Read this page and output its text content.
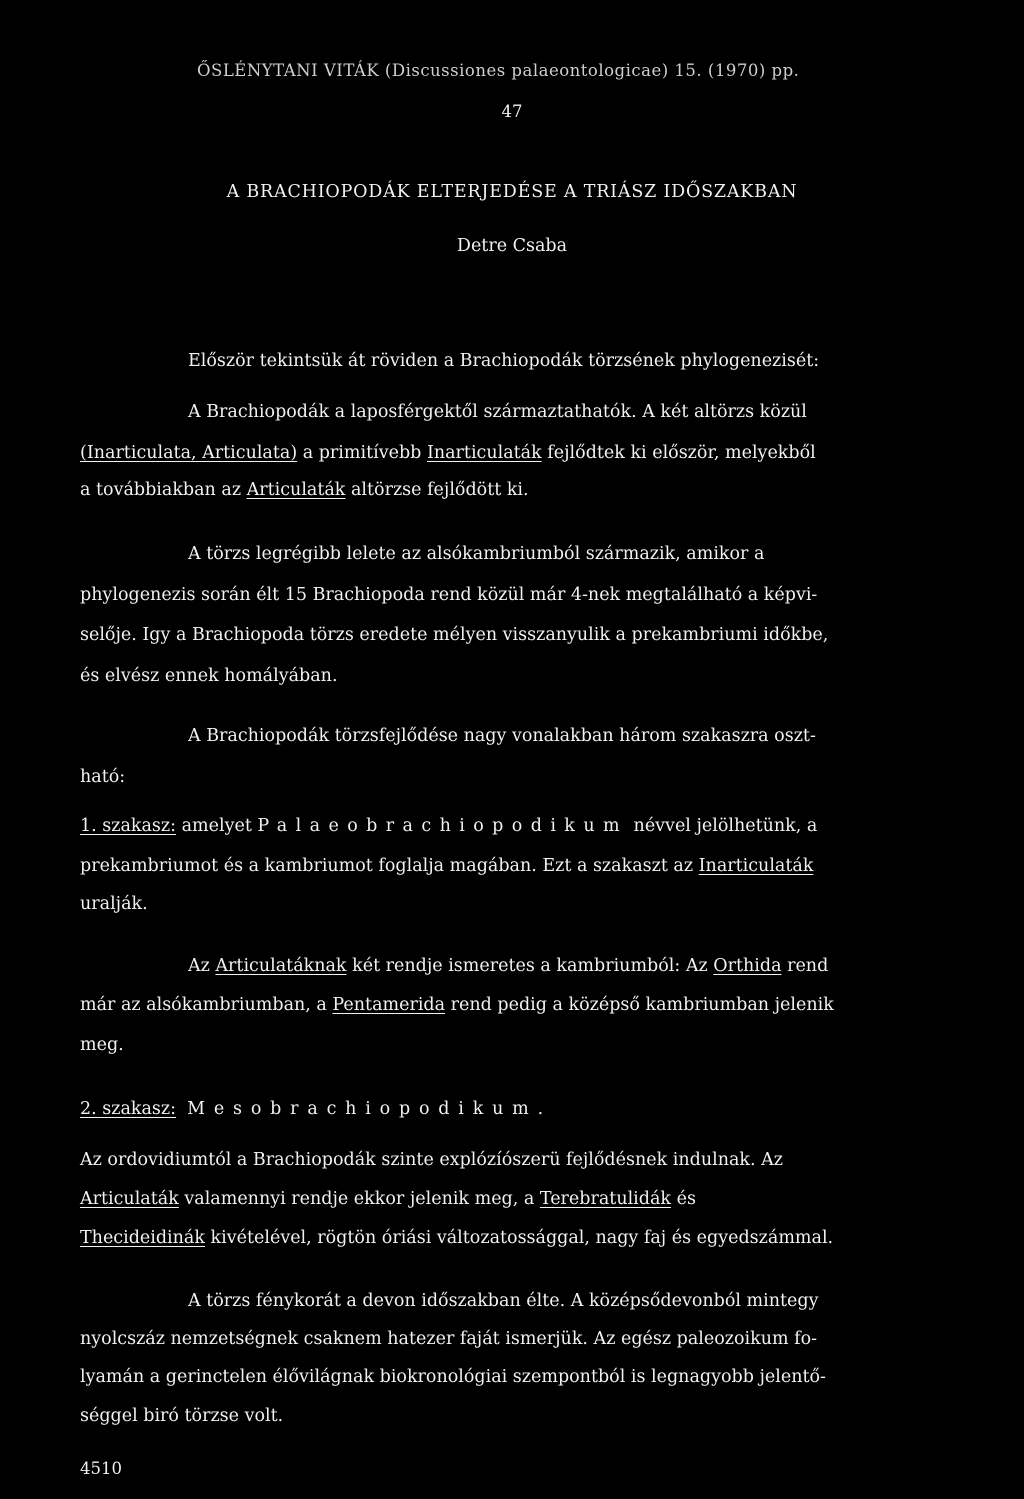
ŐSLÉNYTANI VITÁK (Discussiones palaeontologicae) 15. (1970) pp.

47

A BRACHIOPODÁK ELTERJEDÉSE A TRIÁSZ IDŐSZAKBAN

Detre Csaba

Először tekintsük át röviden a Brachiopodák törzsének phylogenezisét:

A Brachiopodák a laposférgektől származtathatók. A két altörzs közül

(Inarticulata, Articulata) a primitívebb Inarticulaták fejlődtek ki először, melyekből

a továbbiakban az Articulaták altörzse fejlődött ki.

A törzs legrégibb lelete az alsókambriumból származik, amikor a

phylogenezis során élt 15 Brachiopoda rend közül már 4-nek megtalálható a képvi-

selője. Igy a Brachiopoda törzs eredete mélyen visszanyulik a prekambriumi időkbe,

és elvész ennek homályában.

A Brachiopodák törzsfejlődése nagy vonalakban három szakaszra oszt-

ható:

1. szakasz: amelyet Palaeobrachiopodikum névvel jelölhetünk, a

prekambriumot és a kambriumot foglalja magában. Ezt a szakaszt az Inarticulaták

uralják.

Az Articulatáknak két rendje ismeretes a kambriumból: Az Orthida rend

már az alsókambriumban, a Pentamerida rend pedig a középső kambriumban jelenik

meg.

2. szakasz: Mesobrachiopodikum.

Az ordovidiumtól a Brachiopodák szinte explózíószerü fejlődésnek indulnak. Az

Articulaták valamennyi rendje ekkor jelenik meg, a Terebratulidák és

Thecideidinák kivételével, rögtön óriási változatossággal, nagy faj és egyedszámmal.

A törzs fénykorát a devon időszakban élte. A középsődevonból mintegy

nyolcszáz nemzetségnek csaknem hatezer faját ismerjük. Az egész paleozoikum fo-

lyamán a gerinctelen élővilágnak biokronológiai szempontból is legnagyobb jelentő-

séggel biró törzse volt.

4510
